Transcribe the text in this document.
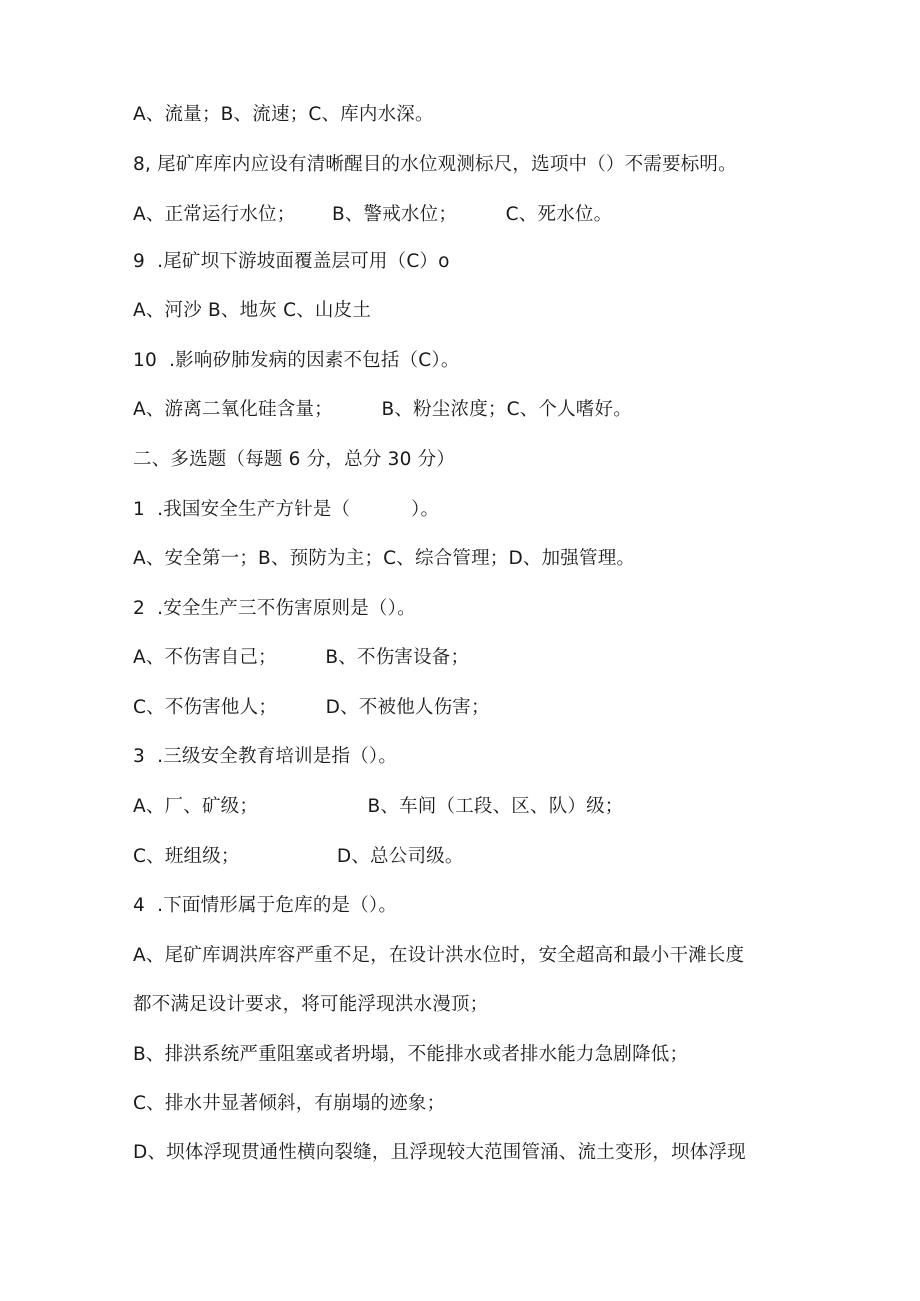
A、流量；B、流速；C、库内水深。
8, 尾矿库库内应设有清晰醒目的水位观测标尺，选项中（）不需要标明。
A、正常运行水位；      B、警戒水位；        C、死水位。
9  .尾矿坝下游坡面覆盖层可用（C）o
A、河沙 B、地灰 C、山皮土
10  .影响矽肺发病的因素不包括（C）。
A、游离二氧化硅含量；        B、粉尘浓度；C、个人嗜好。
二、多选题（每题 6 分，总分 30 分）
1  .我国安全生产方针是（          ）。
A、安全第一；B、预防为主；C、综合管理；D、加强管理。
2  .安全生产三不伤害原则是（）。
A、不伤害自己；        B、不伤害设备；
C、不伤害他人；        D、不被他人伤害；
3  .三级安全教育培训是指（）。
A、厂、矿级；                  B、车间（工段、区、队）级；
C、班组级；                D、总公司级。
4  .下面情形属于危库的是（）。
A、尾矿库调洪库容严重不足，在设计洪水位时，安全超高和最小干滩长度
都不满足设计要求，将可能浮现洪水漫顶；
B、排洪系统严重阻塞或者坍塌，不能排水或者排水能力急剧降低；
C、排水井显著倾斜，有崩塌的迹象；
D、坝体浮现贯通性横向裂缝，且浮现较大范围管涌、流土变形，坝体浮现
